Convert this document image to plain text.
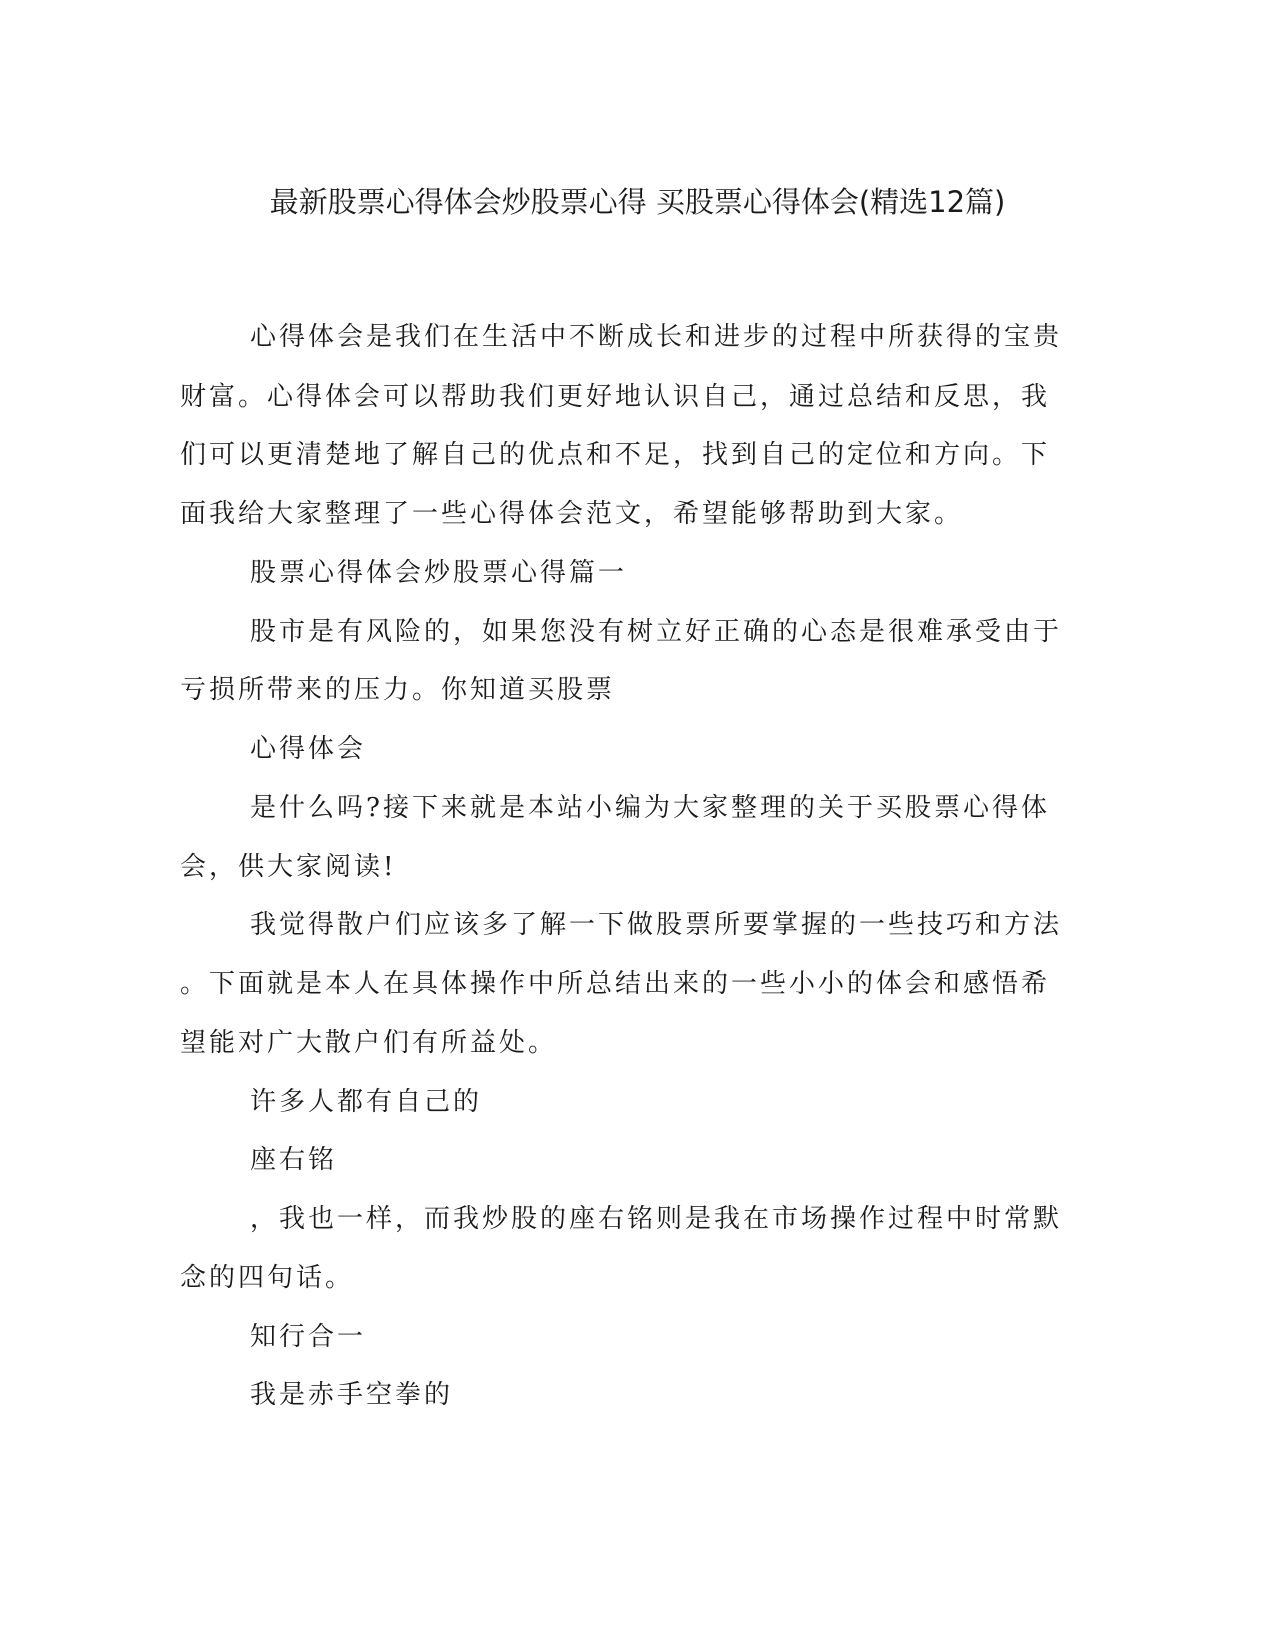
最新股票心得体会炒股票心得 买股票心得体会(精选12篇)
心得体会是我们在生活中不断成长和进步的过程中所获得的宝贵
财富。心得体会可以帮助我们更好地认识自己，通过总结和反思，我
们可以更清楚地了解自己的优点和不足，找到自己的定位和方向。下
面我给大家整理了一些心得体会范文，希望能够帮助到大家。
股票心得体会炒股票心得篇一
股市是有风险的，如果您没有树立好正确的心态是很难承受由于
亏损所带来的压力。你知道买股票
心得体会
是什么吗?接下来就是本站小编为大家整理的关于买股票心得体
会，供大家阅读!
我觉得散户们应该多了解一下做股票所要掌握的一些技巧和方法
。下面就是本人在具体操作中所总结出来的一些小小的体会和感悟希
望能对广大散户们有所益处。
许多人都有自己的
座右铭
，我也一样，而我炒股的座右铭则是我在市场操作过程中时常默
念的四句话。
知行合一
我是赤手空拳的
